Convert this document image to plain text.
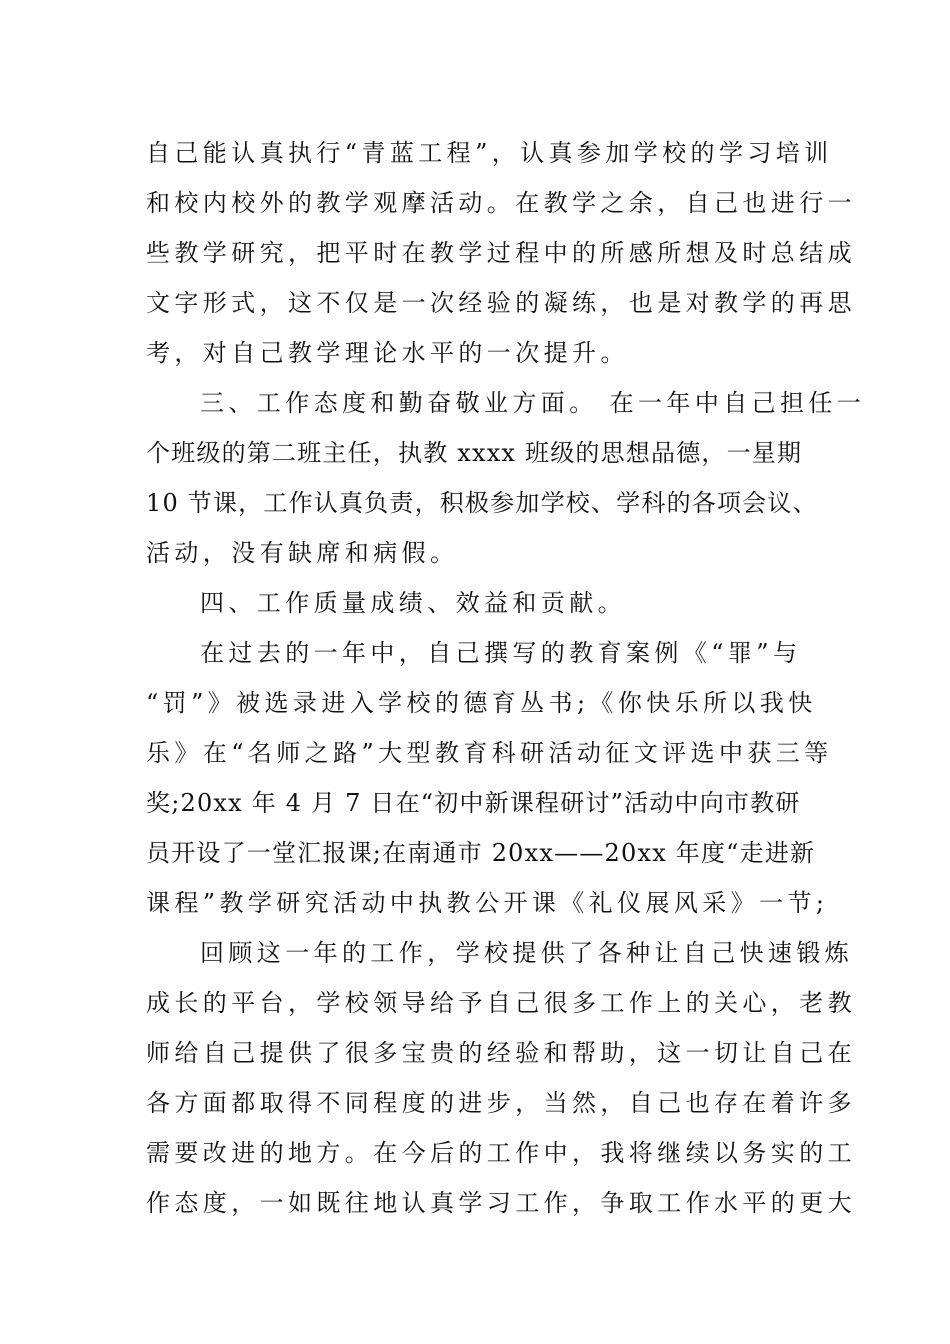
自己能认真执行“青蓝工程”，认真参加学校的学习培训
和校内校外的教学观摩活动。在教学之余，自己也进行一
些教学研究，把平时在教学过程中的所感所想及时总结成
文字形式，这不仅是一次经验的凝练，也是对教学的再思
考，对自己教学理论水平的一次提升。
三、工作态度和勤奋敬业方面。 在一年中自己担任一
个班级的第二班主任，执教 xxxx 班级的思想品德，一星期
10 节课，工作认真负责，积极参加学校、学科的各项会议、
活动，没有缺席和病假。
四、工作质量成绩、效益和贡献。
在过去的一年中，自己撰写的教育案例《“罪”与
“罚”》被选录进入学校的德育丛书;《你快乐所以我快
乐》在“名师之路”大型教育科研活动征文评选中获三等
奖;20xx 年 4 月 7 日在“初中新课程研讨”活动中向市教研
员开设了一堂汇报课;在南通市 20xx——20xx 年度“走进新
课程”教学研究活动中执教公开课《礼仪展风采》一节;
回顾这一年的工作，学校提供了各种让自己快速锻炼
成长的平台，学校领导给予自己很多工作上的关心，老教
师给自己提供了很多宝贵的经验和帮助，这一切让自己在
各方面都取得不同程度的进步，当然，自己也存在着许多
需要改进的地方。在今后的工作中，我将继续以务实的工
作态度，一如既往地认真学习工作，争取工作水平的更大
